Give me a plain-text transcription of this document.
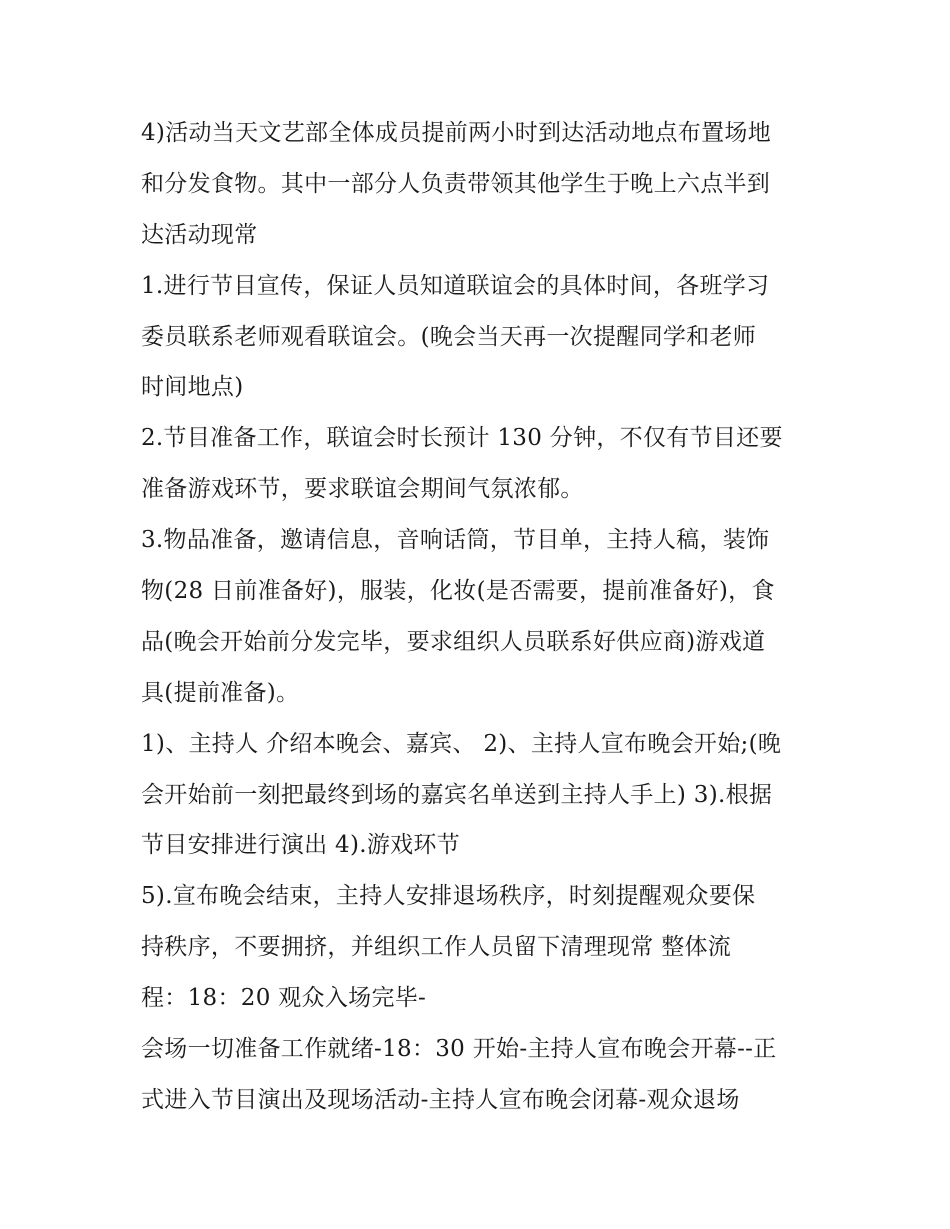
4)活动当天文艺部全体成员提前两小时到达活动地点布置场地
和分发食物。其中一部分人负责带领其他学生于晚上六点半到
达活动现常
1.进行节目宣传，保证人员知道联谊会的具体时间，各班学习
委员联系老师观看联谊会。(晚会当天再一次提醒同学和老师
时间地点)
2.节目准备工作，联谊会时长预计 130 分钟，不仅有节目还要
准备游戏环节，要求联谊会期间气氛浓郁。
3.物品准备，邀请信息，音响话筒，节目单，主持人稿，装饰
物(28 日前准备好)，服装，化妆(是否需要，提前准备好)，食
品(晚会开始前分发完毕，要求组织人员联系好供应商)游戏道
具(提前准备)。
1)、主持人 介绍本晚会、嘉宾、 2)、主持人宣布晚会开始;(晚
会开始前一刻把最终到场的嘉宾名单送到主持人手上) 3).根据
节目安排进行演出 4).游戏环节
5).宣布晚会结束，主持人安排退场秩序，时刻提醒观众要保
持秩序，不要拥挤，并组织工作人员留下清理现常 整体流
程：18：20 观众入场完毕-
会场一切准备工作就绪-18：30 开始-主持人宣布晚会开幕--正
式进入节目演出及现场活动-主持人宣布晚会闭幕-观众退场
